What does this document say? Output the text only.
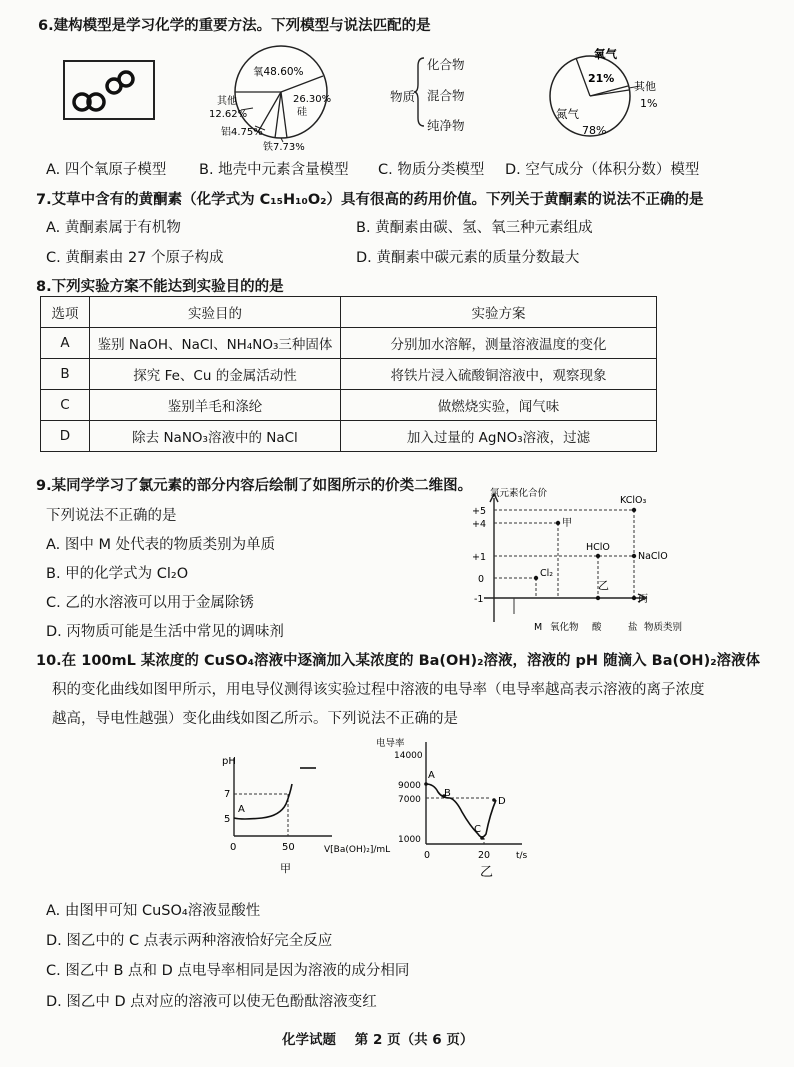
6.建构模型是学习化学的重要方法。下列模型与说法匹配的是
氧48.60%
26.30%
硅
其他
12.62%
铝4.75%
铁7.73%
物质
化合物
混合物
纯净物
氧气
21%
其他
1%
氮气
78%
A. 四个氧原子模型 B. 地壳中元素含量模型 C. 物质分类模型 D. 空气成分（体积分数）模型
7.艾草中含有的黄酮素（化学式为 C₁₅H₁₀O₂）具有很高的药用价值。下列关于黄酮素的说法不正确的是
A. 黄酮素属于有机物	B. 黄酮素由碳、氢、氧三种元素组成
C. 黄酮素由 27 个原子构成	D. 黄酮素中碳元素的质量分数最大
8.下列实验方案不能达到实验目的的是
选项	实验目的	实验方案
A	鉴别 NaOH、NaCl、NH₄NO₃三种固体	分别加水溶解，测量溶液温度的变化
B	探究 Fe、Cu 的金属活动性	将铁片浸入硫酸铜溶液中，观察现象
C	鉴别羊毛和涤纶	做燃烧实验，闻气味
D	除去 NaNO₃溶液中的 NaCl	加入过量的 AgNO₃溶液，过滤
9.某同学学习了氯元素的部分内容后绘制了如图所示的价类二维图。
下列说法不正确的是
A. 图中 M 处代表的物质类别为单质
B. 甲的化学式为 Cl₂O
C. 乙的水溶液可以用于金属除锈
D. 丙物质可能是生活中常见的调味剂
氯元素化合价
+5
+4
+1
0
-1
KClO₃
甲
HClO
NaClO
Cl₂
乙
丙
M 氧化物 酸	盐 物质类别
10.在 100mL 某浓度的 CuSO₄溶液中逐滴加入某浓度的 Ba(OH)₂溶液，溶液的 pH 随滴入 Ba(OH)₂溶液体
积的变化曲线如图甲所示，用电导仪测得该实验过程中溶液的电导率（电导率越高表示溶液的离子浓度
越高，导电性越强）变化曲线如图乙所示。下列说法不正确的是
pH
7
5
A
0	50	V[Ba(OH)₂]/mL
甲
电导率
14000
9000
7000
1000
A
B
C
D
0	20	t/s
乙
A. 由图甲可知 CuSO₄溶液显酸性
D. 图乙中的 C 点表示两种溶液恰好完全反应
C. 图乙中 B 点和 D 点电导率相同是因为溶液的成分相同
D. 图乙中 D 点对应的溶液可以使无色酚酞溶液变红
化学试题    第 2 页（共 6 页）
